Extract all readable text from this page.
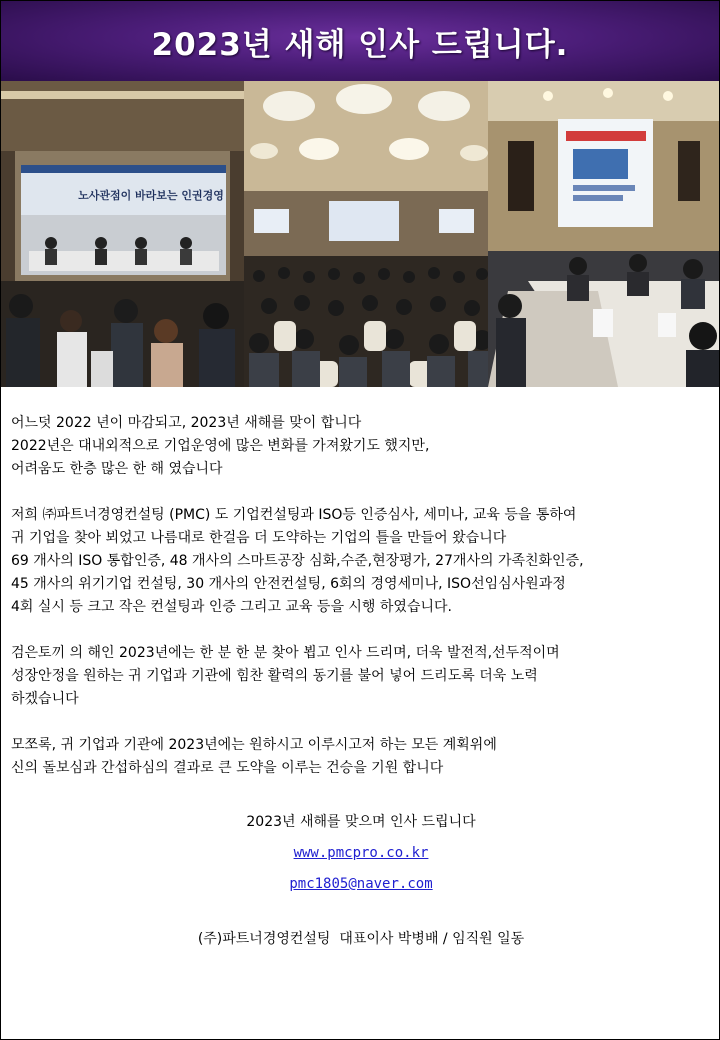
2023년 새해 인사 드립니다.
노사관점이 바라보는 인권경영
어느덧 2022 년이 마감되고, 2023년 새해를 맞이 합니다
2022년은 대내외적으로 기업운영에 많은 변화를 가져왔기도 했지만,
어려움도 한층 많은 한 해 였습니다
저희 ㈜파트너경영컨설팅 (PMC) 도 기업컨설팅과 ISO등 인증심사, 세미나, 교육 등을 통하여
귀 기업을 찾아 뵈었고 나름대로 한걸음 더 도약하는 기업의 틀을 만들어 왔습니다
69 개사의 ISO 통합인증, 48 개사의 스마트공장 심화,수준,현장평가, 27개사의 가족친화인증,
45 개사의 위기기업 컨설팅, 30 개사의 안전컨설팅, 6회의 경영세미나, ISO선임심사원과정
4회 실시 등 크고 작은 컨설팅과 인증 그리고 교육 등을 시행 하였습니다.
검은토끼 의 해인 2023년에는 한 분 한 분 찾아 뵙고 인사 드리며, 더욱 발전적,선두적이며
성장안정을 원하는 귀 기업과 기관에 힘찬 활력의 동기를 불어 넣어 드리도록 더욱 노력
하겠습니다
모쪼록, 귀 기업과 기관에 2023년에는 원하시고 이루시고저 하는 모든 계획위에
신의 돌보심과 간섭하심의 결과로 큰 도약을 이루는 건승을 기원 합니다
2023년 새해를 맞으며 인사 드립니다
www.pmcpro.co.kr
pmc1805@naver.com
(주)파트너경영컨설팅  대표이사 박병배 / 임직원 일동
